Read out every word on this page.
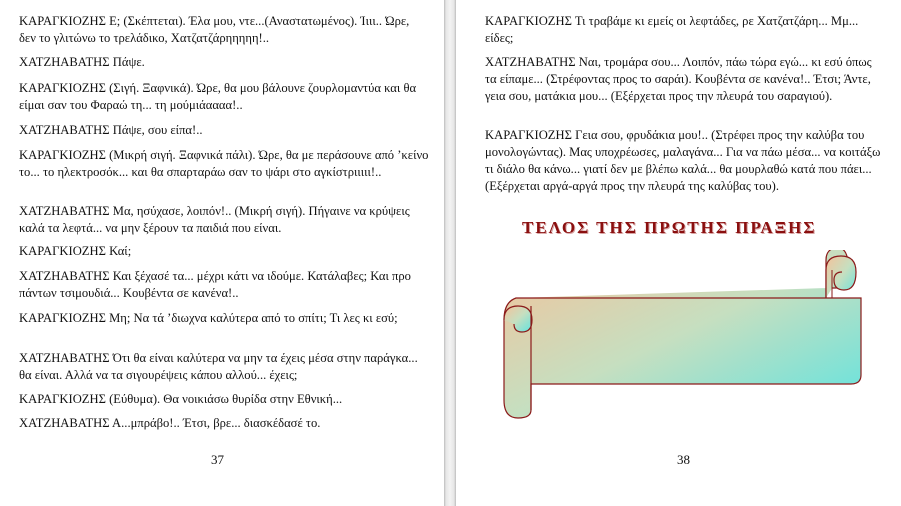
ΚΑΡΑΓΚΙΟΖΗΣ Ε; (Σκέπτεται). Έλα μου, ντε...(Αναστατωμένος). Ίιιι.. Ώρε, δεν το γλιτώνω το τρελάδικο, Χατζατζάρηηηηη!..

ΧΑΤΖΗΑΒΑΤΗΣ Πάψε.

ΚΑΡΑΓΚΙΟΖΗΣ (Σιγή. Ξαφνικά). Ώρε, θα μου βάλουνε ζουρλομαντύα και θα είμαι σαν του Φαραώ τη... τη μούμιάαααα!..

ΧΑΤΖΗΑΒΑΤΗΣ Πάψε, σου είπα!..

ΚΑΡΑΓΚΙΟΖΗΣ (Μικρή σιγή. Ξαφνικά πάλι). Ώρε, θα με περάσουνε από ’κείνο το... το ηλεκτροσόκ... και θα σπαρταράω σαν το ψάρι στο αγκίστριιιιι!..

ΧΑΤΖΗΑΒΑΤΗΣ Μα, ησύχασε, λοιπόν!.. (Μικρή σιγή). Πήγαινε να κρύψεις καλά τα λεφτά... να μην ξέρουν τα παιδιά που είναι.

ΚΑΡΑΓΚΙΟΖΗΣ Καί;

ΧΑΤΖΗΑΒΑΤΗΣ Και ξέχασέ τα... μέχρι κάτι να ιδούμε. Κατάλαβες; Και προ πάντων τσιμουδιά... Κουβέντα σε κανένα!..

ΚΑΡΑΓΚΙΟΖΗΣ Μη; Να τά ’διωχνα καλύτερα από το σπίτι; Τι λες κι εσύ;

ΧΑΤΖΗΑΒΑΤΗΣ Ότι θα είναι καλύτερα να μην τα έχεις μέσα στην παράγκα... θα είναι. Αλλά να τα σιγουρέψεις κάπου αλλού... έχεις;

ΚΑΡΑΓΚΙΟΖΗΣ (Εύθυμα). Θα νοικιάσω θυρίδα στην Εθνική...

ΧΑΤΖΗΑΒΑΤΗΣ Α...μπράβο!.. Έτσι, βρε... διασκέδασέ το.

37

ΚΑΡΑΓΚΙΟΖΗΣ Τι τραβάμε κι εμείς οι λεφτάδες, ρε Χατζατζάρη... Μμ... είδες;

ΧΑΤΖΗΑΒΑΤΗΣ Ναι, τρομάρα σου... Λοιπόν, πάω τώρα εγώ... κι εσύ όπως τα είπαμε... (Στρέφοντας προς το σαράι). Κουβέντα σε κανένα!.. Έτσι; Άντε, γεια σου, ματάκια μου... (Εξέρχεται προς την πλευρά του σαραγιού).

ΚΑΡΑΓΚΙΟΖΗΣ Γεια σου, φρυδάκια μου!.. (Στρέφει προς την καλύβα του μονολογώντας). Μας υποχρέωσες, μαλαγάνα... Για να πάω μέσα... να κοιτάξω τι διάλο θα κάνω... γιατί δεν με βλέπω καλά... θα μουρλαθώ κατά που πάει... (Εξέρχεται αργά-αργά προς την πλευρά της καλύβας του).

ΤΕΛΟΣ ΤΗΣ ΠΡΩΤΗΣ ΠΡΑΞΗΣ
38
